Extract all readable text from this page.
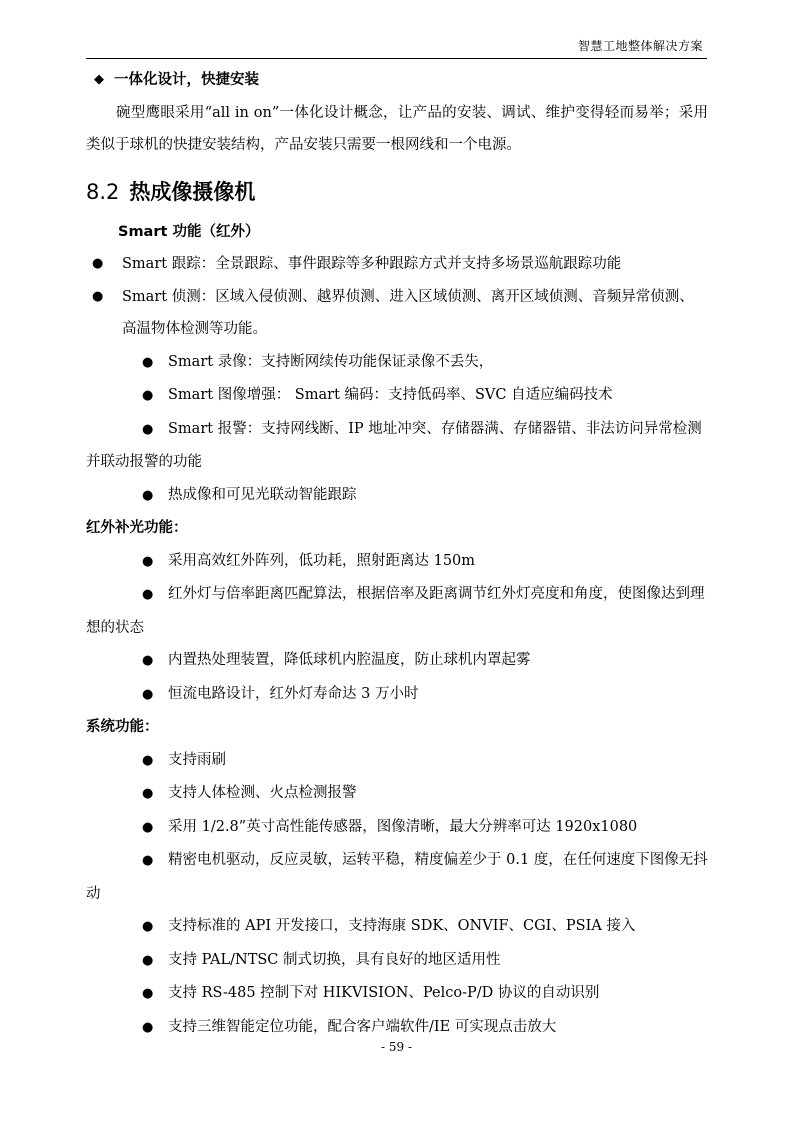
智慧工地整体解决方案
◆ 一体化设计，快捷安装

碗型鹰眼采用“all in on”一体化设计概念，让产品的安装、调试、维护变得轻而易举；采用类似于球机的快捷安装结构，产品安装只需要一根网线和一个电源。

8.2 热成像摄像机
Smart 功能（红外）
● Smart 跟踪：全景跟踪、事件跟踪等多种跟踪方式并支持多场景巡航跟踪功能
● Smart 侦测：区域入侵侦测、越界侦测、进入区域侦测、离开区域侦测、音频异常侦测、高温物体检测等功能。
● Smart 录像：支持断网续传功能保证录像不丢失，
● Smart 图像增强： Smart 编码：支持低码率、SVC 自适应编码技术
● Smart 报警：支持网线断、IP 地址冲突、存储器满、存储器错、非法访问异常检测并联动报警的功能
● 热成像和可见光联动智能跟踪
红外补光功能：
● 采用高效红外阵列，低功耗，照射距离达 150m
● 红外灯与倍率距离匹配算法，根据倍率及距离调节红外灯亮度和角度，使图像达到理想的状态
● 内置热处理装置，降低球机内腔温度，防止球机内罩起雾
● 恒流电路设计，红外灯寿命达 3 万小时
系统功能：
● 支持雨刷
● 支持人体检测、火点检测报警
● 采用 1/2.8”英寸高性能传感器，图像清晰，最大分辨率可达 1920x1080
● 精密电机驱动，反应灵敏，运转平稳，精度偏差少于 0.1 度，在任何速度下图像无抖动
● 支持标准的 API 开发接口，支持海康 SDK、ONVIF、CGI、PSIA 接入
● 支持 PAL/NTSC 制式切换，具有良好的地区适用性
● 支持 RS-485 控制下对 HIKVISION、Pelco-P/D 协议的自动识别
● 支持三维智能定位功能，配合客户端软件/IE 可实现点击放大
- 59 -
